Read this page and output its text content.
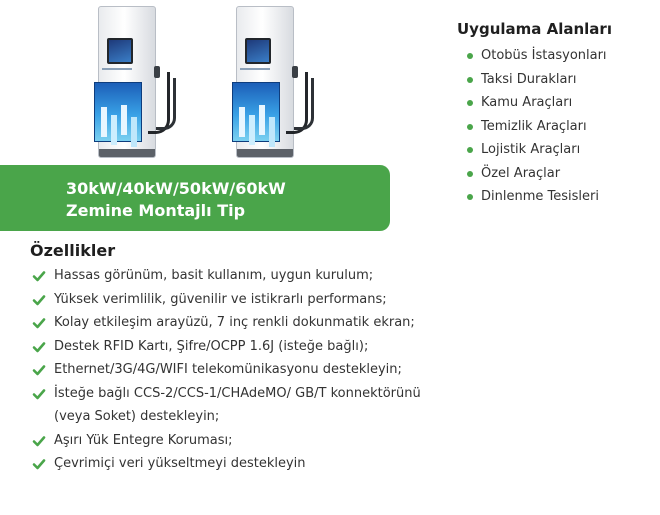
30kW/40kW/50kW/60kW
Zemine Montajlı Tip
Uygulama Alanları
Otobüs İstasyonları
Taksi Durakları
Kamu Araçları
Temizlik Araçları
Lojistik Araçları
Özel Araçlar
Dinlenme Tesisleri
Özellikler
Hassas görünüm, basit kullanım, uygun kurulum;
Yüksek verimlilik, güvenilir ve istikrarlı performans;
Kolay etkileşim arayüzü, 7 inç renkli dokunmatik ekran;
Destek RFID Kartı, Şifre/OCPP 1.6J (isteğe bağlı);
Ethernet/3G/4G/WIFI telekomünikasyonu destekleyin;
İsteğe bağlı CCS-2/CCS-1/CHAdeMO/ GB/T konnektörünü
(veya Soket) destekleyin;
Aşırı Yük Entegre Koruması;
Çevrimiçi veri yükseltmeyi destekleyin
